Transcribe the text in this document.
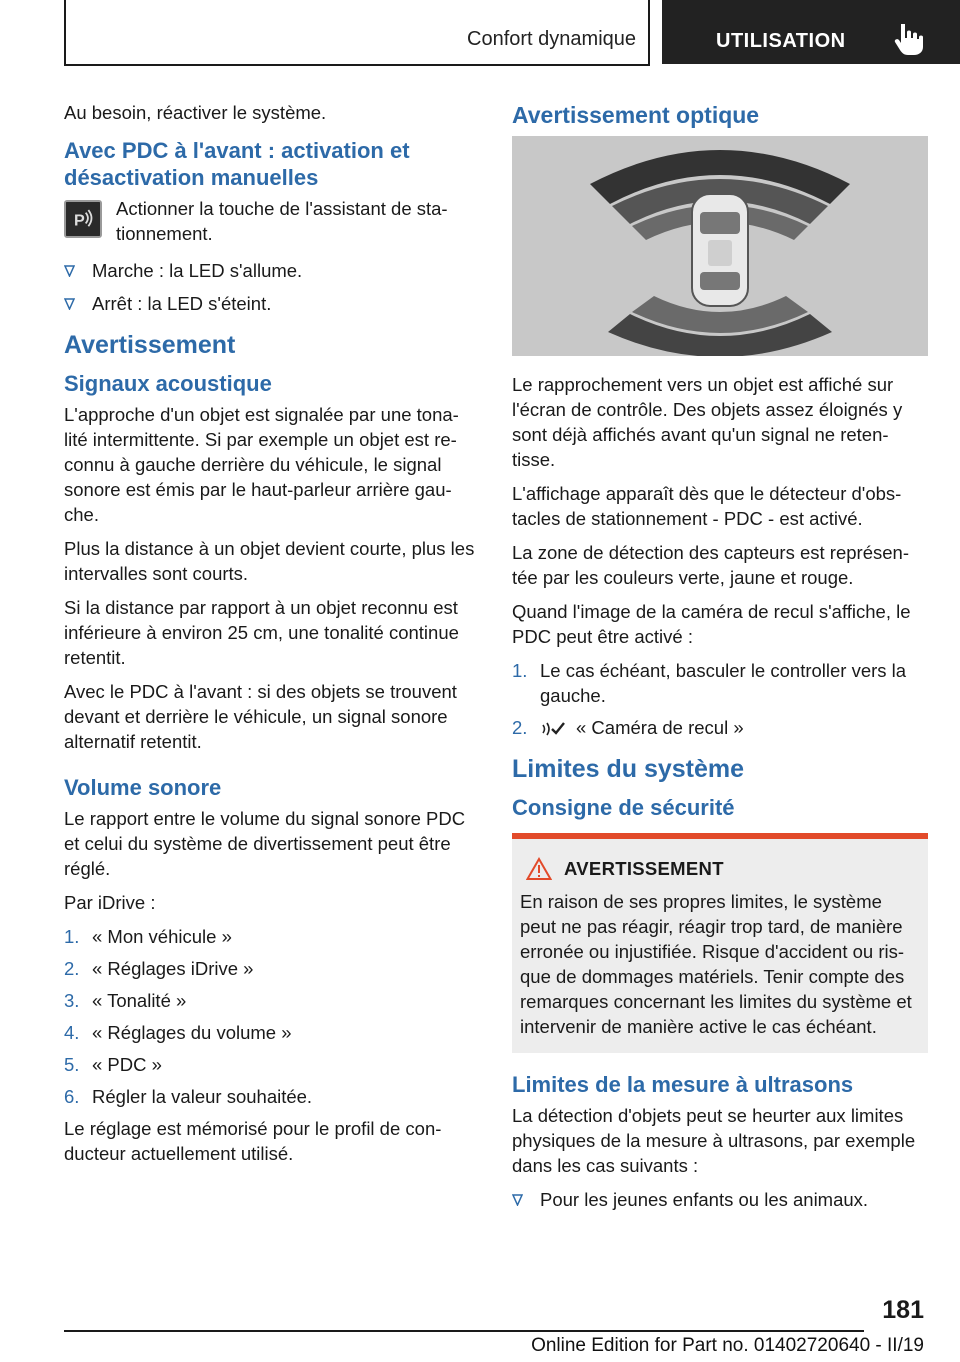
Confort dynamique	UTILISATION

Au besoin, réactiver le système.

Avec PDC à l'avant : activation et désactivation manuelles
P

Actionner la touche de l'assistant de sta-tionnement.

Marche : la LED s'allume.
Arrêt : la LED s'éteint.
Avertissement
Signaux acoustique

L'approche d'un objet est signalée par une tona-lité intermittente. Si par exemple un objet est re-connu à gauche derrière du véhicule, le signal sonore est émis par le haut-parleur arrière gau-che.

Plus la distance à un objet devient courte, plus les intervalles sont courts.

Si la distance par rapport à un objet reconnu est inférieure à environ 25 cm, une tonalité continue retentit.

Avec le PDC à l'avant : si des objets se trouvent devant et derrière le véhicule, un signal sonore alternatif retentit.

Volume sonore

Le rapport entre le volume du signal sonore PDC et celui du système de divertissement peut être réglé.

Par iDrive :

1. « Mon véhicule »
2. « Réglages iDrive »
3. « Tonalité »
4. « Réglages du volume »
5. « PDC »
6. Régler la valeur souhaitée.

Le réglage est mémorisé pour le profil de con-ducteur actuellement utilisé.

Avertissement optique

Le rapprochement vers un objet est affiché sur l'écran de contrôle. Des objets assez éloignés y sont déjà affichés avant qu'un signal ne reten-tisse.

L'affichage apparaît dès que le détecteur d'obs-tacles de stationnement - PDC - est activé.

La zone de détection des capteurs est représen-tée par les couleurs verte, jaune et rouge.

Quand l'image de la caméra de recul s'affiche, le PDC peut être activé :

1. Le cas échéant, basculer le controller vers la gauche.
2.	« Caméra de recul »
Limites du système
Consigne de sécurité
AVERTISSEMENT

En raison de ses propres limites, le système peut ne pas réagir, réagir trop tard, de manière erronée ou injustifiée. Risque d'accident ou ris-que de dommages matériels. Tenir compte des remarques concernant les limites du système et intervenir de manière active le cas échéant.

Limites de la mesure à ultrasons

La détection d'objets peut se heurter aux limites physiques de la mesure à ultrasons, par exemple dans les cas suivants :

Pour les jeunes enfants ou les animaux.
181
Online Edition for Part no. 01402720640 - II/19
